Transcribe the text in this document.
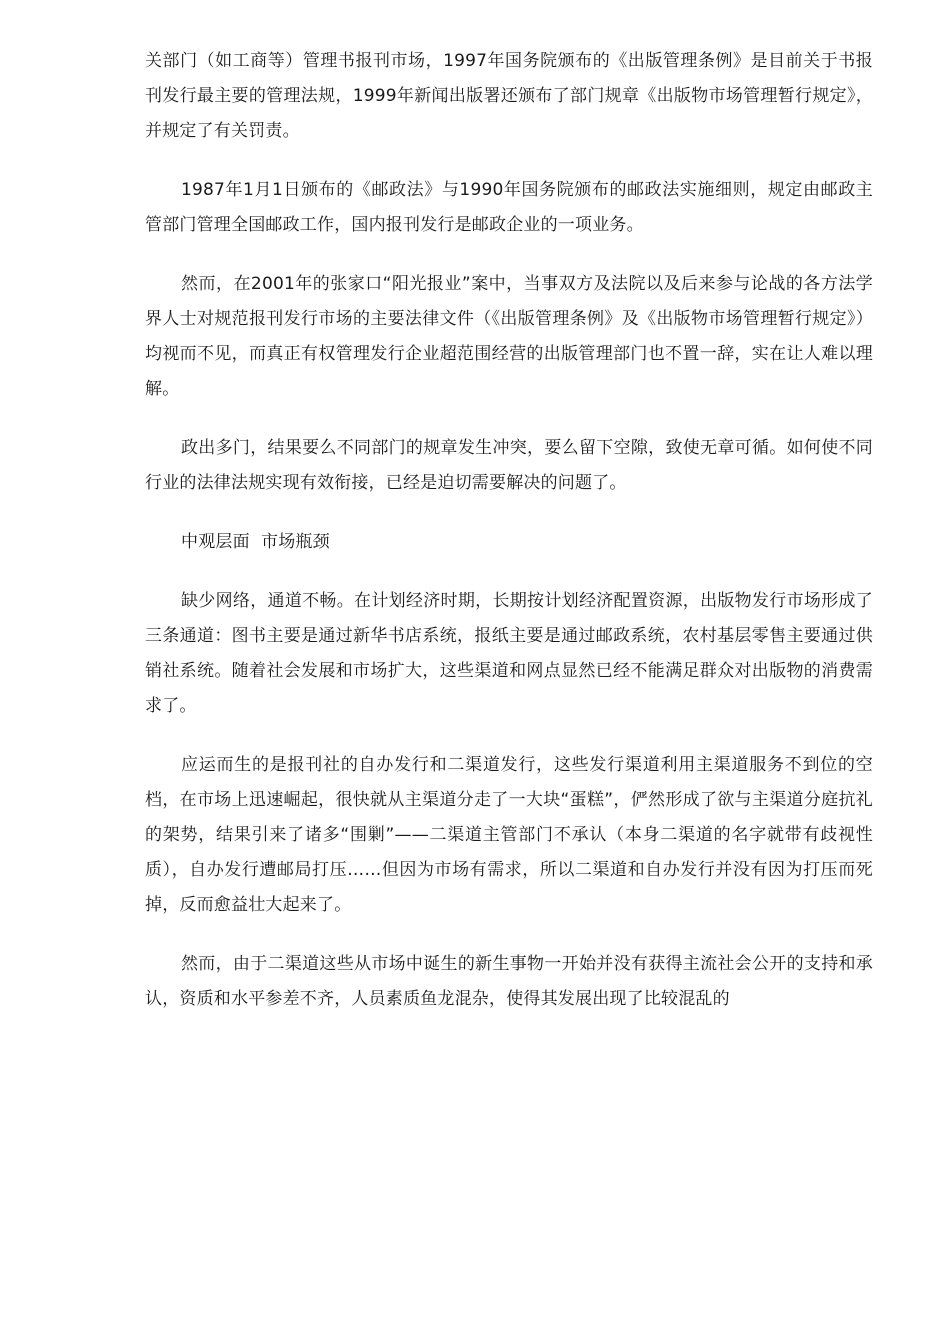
关部门（如工商等）管理书报刊市场，1997年国务院颁布的《出版管理条例》是目前关于书报刊发行最主要的管理法规，1999年新闻出版署还颁布了部门规章《出版物市场管理暂行规定》，并规定了有关罚责。

1987年1月1日颁布的《邮政法》与1990年国务院颁布的邮政法实施细则，规定由邮政主管部门管理全国邮政工作，国内报刊发行是邮政企业的一项业务。

然而，在2001年的张家口“阳光报业”案中，当事双方及法院以及后来参与论战的各方法学界人士对规范报刊发行市场的主要法律文件（《出版管理条例》及《出版物市场管理暂行规定》）均视而不见，而真正有权管理发行企业超范围经营的出版管理部门也不置一辞，实在让人难以理解。

政出多门，结果要么不同部门的规章发生冲突，要么留下空隙，致使无章可循。如何使不同行业的法律法规实现有效衔接，已经是迫切需要解决的问题了。

中观层面  市场瓶颈

缺少网络，通道不畅。在计划经济时期，长期按计划经济配置资源，出版物发行市场形成了三条通道：图书主要是通过新华书店系统，报纸主要是通过邮政系统，农村基层零售主要通过供销社系统。随着社会发展和市场扩大，这些渠道和网点显然已经不能满足群众对出版物的消费需求了。

应运而生的是报刊社的自办发行和二渠道发行，这些发行渠道利用主渠道服务不到位的空档，在市场上迅速崛起，很快就从主渠道分走了一大块“蛋糕”，俨然形成了欲与主渠道分庭抗礼的架势，结果引来了诸多“围剿”——二渠道主管部门不承认（本身二渠道的名字就带有歧视性质），自办发行遭邮局打压……但因为市场有需求，所以二渠道和自办发行并没有因为打压而死掉，反而愈益壮大起来了。

然而，由于二渠道这些从市场中诞生的新生事物一开始并没有获得主流社会公开的支持和承认，资质和水平参差不齐，人员素质鱼龙混杂，使得其发展出现了比较混乱的
